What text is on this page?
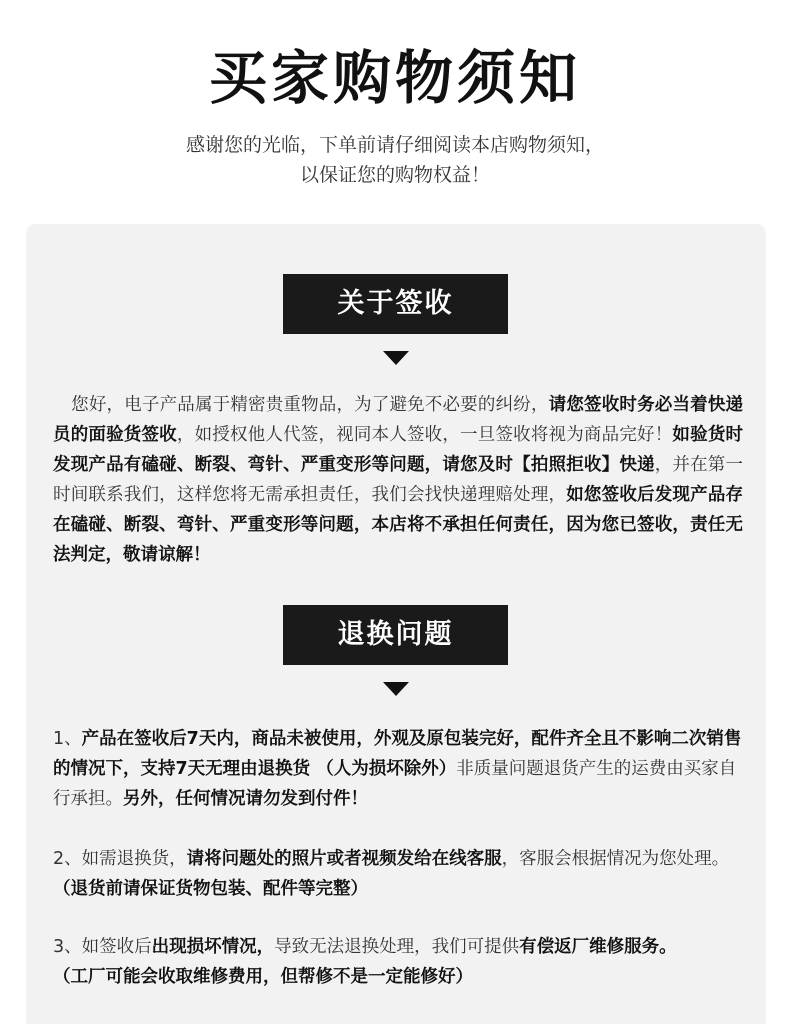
买家购物须知
感谢您的光临，下单前请仔细阅读本店购物须知，
以保证您的购物权益！
关于签收
您好，电子产品属于精密贵重物品，为了避免不必要的纠纷，请您签收时务必当着快递员的面验货签收，如授权他人代签，视同本人签收，一旦签收将视为商品完好！如验货时发现产品有磕碰、断裂、弯针、严重变形等问题，请您及时【拍照拒收】快递，并在第一时间联系我们，这样您将无需承担责任，我们会找快递理赔处理，如您签收后发现产品存在磕碰、断裂、弯针、严重变形等问题，本店将不承担任何责任，因为您已签收，责任无法判定，敬请谅解！
退换问题
1、产品在签收后7天内，商品未被使用，外观及原包装完好，配件齐全且不影响二次销售的情况下，支持7天无理由退换货 （人为损坏除外）非质量问题退货产生的运费由买家自行承担。另外，任何情况请勿发到付件！
2、如需退换货，请将问题处的照片或者视频发给在线客服，客服会根据情况为您处理。（退货前请保证货物包装、配件等完整）
3、如签收后出现损坏情况，导致无法退换处理，我们可提供有偿返厂维修服务。
（工厂可能会收取维修费用，但帮修不是一定能修好）
